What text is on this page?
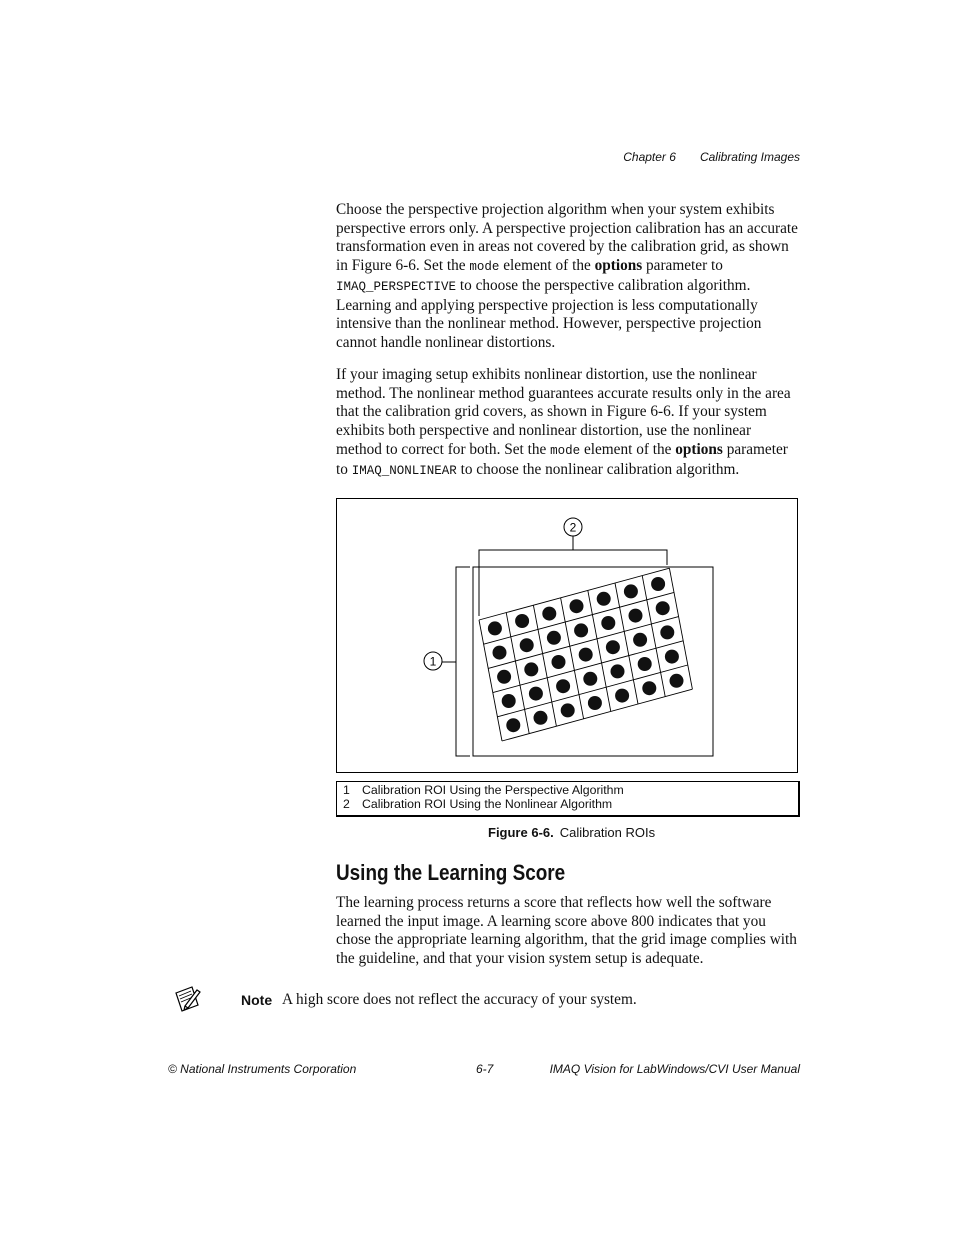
Chapter 6 Calibrating Images

Choose the perspective projection algorithm when your system exhibits perspective errors only. A perspective projection calibration has an accurate transformation even in areas not covered by the calibration grid, as shown in Figure 6-6. Set the mode element of the options parameter to IMAQ_PERSPECTIVE to choose the perspective calibration algorithm. Learning and applying perspective projection is less computationally intensive than the nonlinear method. However, perspective projection cannot handle nonlinear distortions.

If your imaging setup exhibits nonlinear distortion, use the nonlinear method. The nonlinear method guarantees accurate results only in the area that the calibration grid covers, as shown in Figure 6-6. If your system exhibits both perspective and nonlinear distortion, use the nonlinear method to correct for both. Set the mode element of the options parameter to IMAQ_NONLINEAR to choose the nonlinear calibration algorithm.

2
1
1 Calibration ROI Using the Perspective Algorithm
2 Calibration ROI Using the Nonlinear Algorithm
Figure 6-6. Calibration ROIs
Using the Learning Score

The learning process returns a score that reflects how well the software learned the input image. A learning score above 800 indicates that you chose the appropriate learning algorithm, that the grid image complies with the guideline, and that your vision system setup is adequate.

Note A high score does not reflect the accuracy of your system.
© National Instruments Corporation	6-7	IMAQ Vision for LabWindows/CVI User Manual
